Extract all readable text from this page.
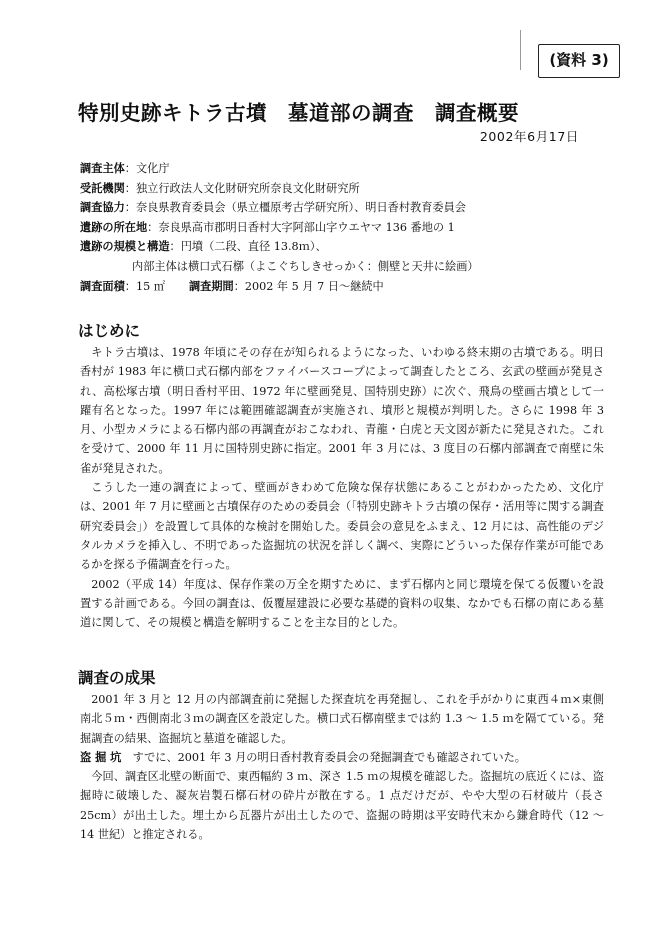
(資料 3)
特別史跡キトラ古墳　墓道部の調査　調査概要
2002年6月17日
調査主体：文化庁
受託機関：独立行政法人文化財研究所奈良文化財研究所
調査協力：奈良県教育委員会（県立橿原考古学研究所）、明日香村教育委員会
遺跡の所在地：奈良県高市郡明日香村大字阿部山字ウエヤマ 136 番地の 1
遺跡の規模と構造：円墳（二段、直径 13.8ｍ）、
内部主体は横口式石槨（よこぐちしきせっかく：側壁と天井に絵画）
調査面積：15 ㎡ 調査期間：2002 年 5 月 7 日～継続中
はじめに

キトラ古墳は、1978 年頃にその存在が知られるようになった、いわゆる終末期の古墳である。明日香村が 1983 年に横口式石槨内部をファイバースコープによって調査したところ、玄武の壁画が発見され、高松塚古墳（明日香村平田、1972 年に壁画発見、国特別史跡）に次ぐ、飛鳥の壁画古墳として一躍有名となった。1997 年には範囲確認調査が実施され、墳形と規模が判明した。さらに 1998 年 3 月、小型カメラによる石槨内部の再調査がおこなわれ、青龍・白虎と天文図が新たに発見された。これを受けて、2000 年 11 月に国特別史跡に指定。2001 年 3 月には、3 度目の石槨内部調査で南壁に朱雀が発見された。

こうした一連の調査によって、壁画がきわめて危険な保存状態にあることがわかったため、文化庁は、2001 年 7 月に壁画と古墳保存のための委員会（「特別史跡キトラ古墳の保存・活用等に関する調査研究委員会」）を設置して具体的な検討を開始した。委員会の意見をふまえ、12 月には、高性能のデジタルカメラを挿入し、不明であった盗掘坑の状況を詳しく調べ、実際にどういった保存作業が可能であるかを探る予備調査を行った。

2002（平成 14）年度は、保存作業の万全を期すために、まず石槨内と同じ環境を保てる仮覆いを設置する計画である。今回の調査は、仮覆屋建設に必要な基礎的資料の収集、なかでも石槨の南にある墓道に関して、その規模と構造を解明することを主な目的とした。

調査の成果

2001 年 3 月と 12 月の内部調査前に発掘した探査坑を再発掘し、これを手がかりに東西４ｍ×東側南北５ｍ・西側南北３ｍの調査区を設定した。横口式石槨南壁までは約 1.3 ～ 1.5 ｍを隔てている。発掘調査の結果、盗掘坑と墓道を確認した。

盗 掘 坑　 すでに、2001 年 3 月の明日香村教育委員会の発掘調査でも確認されていた。

今回、調査区北壁の断面で、東西幅約 3 ｍ、深さ 1.5 ｍの規模を確認した。盗掘坑の底近くには、盗掘時に破壊した、凝灰岩製石槨石材の砕片が散在する。1 点だけだが、やや大型の石材破片（長さ 25cm）が出土した。埋土から瓦器片が出土したので、盗掘の時期は平安時代末から鎌倉時代（12 ～ 14 世紀）と推定される。
